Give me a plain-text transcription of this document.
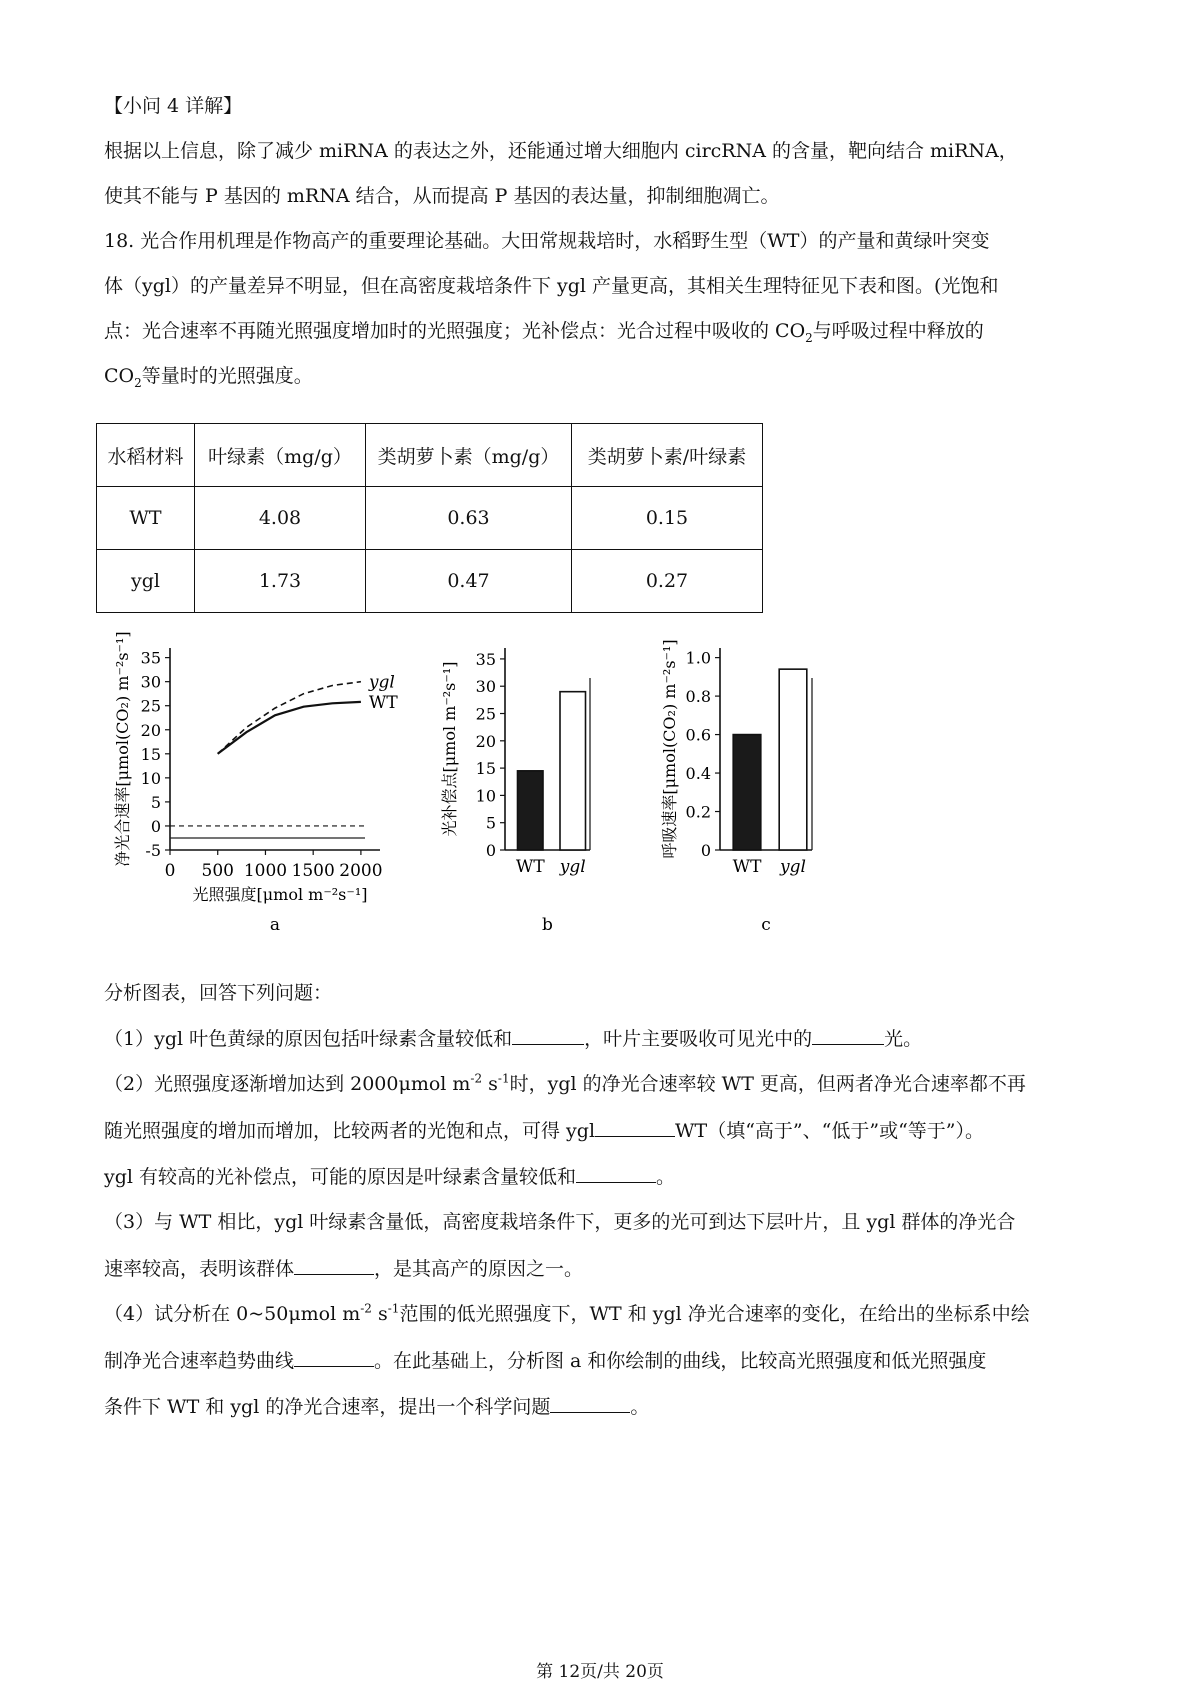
【小问 4 详解】
根据以上信息，除了减少 miRNA 的表达之外，还能通过增大细胞内 circRNA 的含量，靶向结合 miRNA，
使其不能与 P 基因的 mRNA 结合，从而提高 P 基因的表达量，抑制细胞凋亡。
18. 光合作用机理是作物高产的重要理论基础。大田常规栽培时，水稻野生型（WT）的产量和黄绿叶突变
体（ygl）的产量差异不明显，但在高密度栽培条件下 ygl 产量更高，其相关生理特征见下表和图。(光饱和
点：光合速率不再随光照强度增加时的光照强度；光补偿点：光合过程中吸收的 $CO_2$与呼吸过程中释放的
$CO_2$等量时的光照强度。
水稻材料	叶绿素（mg/g）	类胡萝卜素（mg/g）	类胡萝卜素/叶绿素
WT	4.08	0.63	0.15
ygl	1.73	0.47	0.27
-5
0
5
10
15
20
25
30
35
0 500 1000 1500 2000
ygl
WT
光照强度[μmol m⁻²s⁻¹]
净光合速率[μmol(CO₂) m⁻²s⁻¹]
a
0
5
10
15
20
25
30
35
WT ygl
光补偿点[μmol m⁻²s⁻¹]
b
0
0.2
0.4
0.6
0.8
1.0
WT ygl
呼吸速率[μmol(CO₂) m⁻²s⁻¹]
c
分析图表，回答下列问题：
（1）ygl 叶色黄绿的原因包括叶绿素含量较低和	，叶片主要吸收可见光中的	光。
（2）光照强度逐渐增加达到 2000μmol $m^{-2}$ $s^{-1}$时，ygl 的净光合速率较 WT 更高，但两者净光合速率都不再
随光照强度的增加而增加，比较两者的光饱和点，可得 ygl	WT（填“高于”、“低于”或“等于”）。
ygl 有较高的光补偿点，可能的原因是叶绿素含量较低和	。
（3）与 WT 相比，ygl 叶绿素含量低，高密度栽培条件下，更多的光可到达下层叶片，且 ygl 群体的净光合
速率较高，表明该群体	，是其高产的原因之一。
（4）试分析在 0~50μmol $m^{-2}$ $s^{-1}$范围的低光照强度下，WT 和 ygl 净光合速率的变化，在给出的坐标系中绘
制净光合速率趋势曲线	。在此基础上，分析图 a 和你绘制的曲线，比较高光照强度和低光照强度
条件下 WT 和 ygl 的净光合速率，提出一个科学问题	。
第 12页/共 20页
